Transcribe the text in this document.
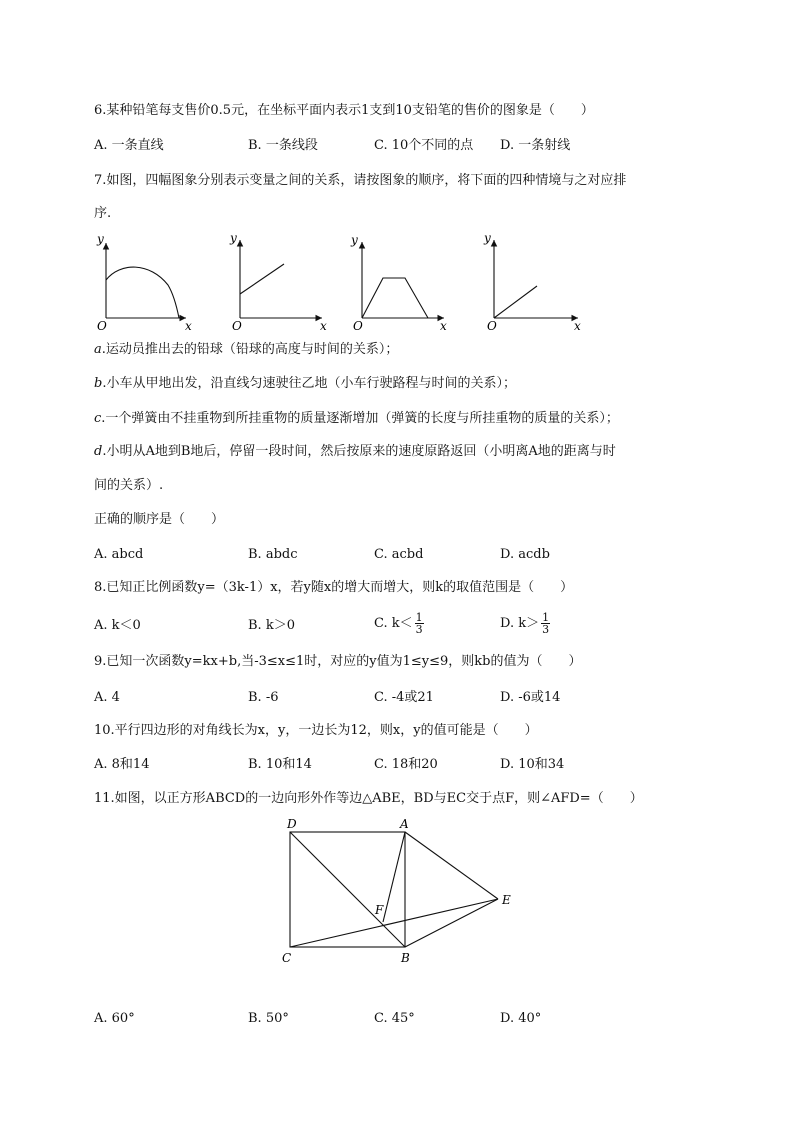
6.某种铅笔每支售价0.5元，在坐标平面内表示1支到10支铅笔的售价的图象是（　　）
A. 一条直线	B. 一条线段	C. 10个不同的点 D. 一条射线
7.如图，四幅图象分别表示变量之间的关系，请按图象的顺序，将下面的四种情境与之对应排
序.
y
O	x
y
O	x
y
O	x
y
O	x
a.运动员推出去的铅球（铅球的高度与时间的关系）；
b.小车从甲地出发，沿直线匀速驶往乙地（小车行驶路程与时间的关系）；
c.一个弹簧由不挂重物到所挂重物的质量逐渐增加（弹簧的长度与所挂重物的质量的关系）；
d.小明从A地到B地后，停留一段时间，然后按原来的速度原路返回（小明离A地的距离与时
间的关系）.
正确的顺序是（　　）
A. abcd	B. abdc	C. acbd	D. acdb
8.已知正比例函数y=（3k-1）x，若y随x的增大而增大，则k的取值范围是（　　）
A. k＜0	B. k＞0	C. $k< \frac{1}{3}$	D. $k> \frac{1}{3}$
9.已知一次函数y=kx+b,当-3≤x≤1时，对应的y值为1≤y≤9，则kb的值为（　　）
A. 4	B. -6	C. -4或21	D. -6或14
10.平行四边形的对角线长为x，y，一边长为12，则x，y的值可能是（　　）
A. 8和14	B. 10和14	C. 18和20	D. 10和34
11.如图，以正方形ABCD的一边向形外作等边△ABE，BD与EC交于点F，则∠AFD=（　　）
D	A
E
F
C	B
A. 60°	B. 50°	C. 45°	D. 40°
